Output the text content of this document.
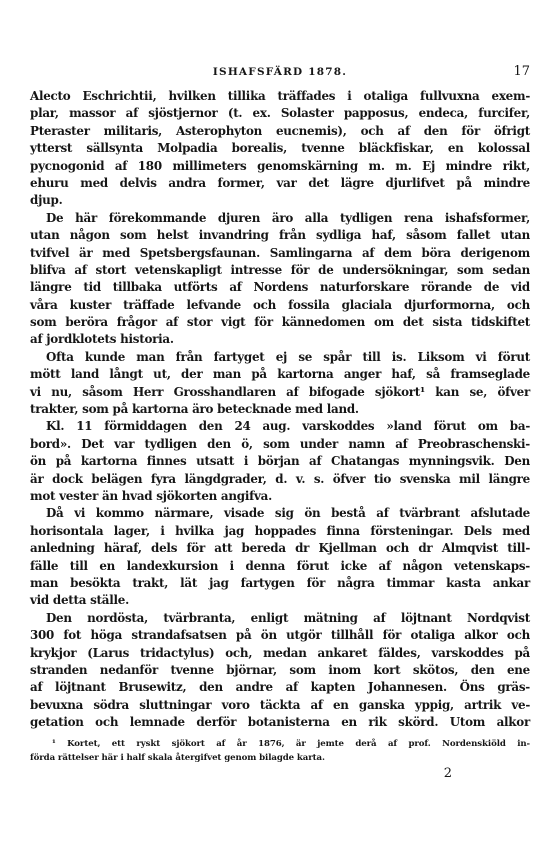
ISHAFSFÄRD 1878.	17
Alecto Eschrichtii, hvilken tillika träffades i otaliga fullvuxna exem-
plar, massor af sjöstjernor (t. ex. Solaster papposus, endeca, furcifer,
Pteraster militaris, Asterophyton eucnemis), och af den för öfrigt
ytterst sällsynta Molpadia borealis, tvenne bläckfiskar, en kolossal
pycnogonid af 180 millimeters genomskärning m. m. Ej mindre rikt,
ehuru med delvis andra former, var det lägre djurlifvet på mindre
djup.
De här förekommande djuren äro alla tydligen rena ishafsformer,
utan någon som helst invandring från sydliga haf, såsom fallet utan
tvifvel är med Spetsbergsfaunan. Samlingarna af dem böra derigenom
blifva af stort vetenskapligt intresse för de undersökningar, som sedan
längre tid tillbaka utförts af Nordens naturforskare rörande de vid
våra kuster träffade lefvande och fossila glaciala djurformorna, och
som beröra frågor af stor vigt för kännedomen om det sista tidskiftet
af jordklotets historia.
Ofta kunde man från fartyget ej se spår till is. Liksom vi förut
mött land långt ut, der man på kartorna anger haf, så framseglade
vi nu, såsom Herr Grosshandlaren af bifogade sjökort¹ kan se, öfver
trakter, som på kartorna äro betecknade med land.
Kl. 11 förmiddagen den 24 aug. varskoddes »land förut om ba-
bord». Det var tydligen den ö, som under namn af Preobraschenski-
ön på kartorna finnes utsatt i början af Chatangas mynningsvik. Den
är dock belägen fyra längdgrader, d. v. s. öfver tio svenska mil längre
mot vester än hvad sjökorten angifva.
Då vi kommo närmare, visade sig ön bestå af tvärbrant afslutade
horisontala lager, i hvilka jag hoppades finna försteningar. Dels med
anledning häraf, dels för att bereda dr Kjellman och dr Almqvist till-
fälle till en landexkursion i denna förut icke af någon vetenskaps-
man besökta trakt, lät jag fartygen för några timmar kasta ankar
vid detta ställe.
Den nordösta, tvärbranta, enligt mätning af löjtnant Nordqvist
300 fot höga strandafsatsen på ön utgör tillhåll för otaliga alkor och
krykjor (Larus tridactylus) och, medan ankaret fäldes, varskoddes på
stranden nedanför tvenne björnar, som inom kort skötos, den ene
af löjtnant Brusewitz, den andre af kapten Johannesen. Öns gräs-
bevuxna södra sluttningar voro täckta af en ganska yppig, artrik ve-
getation och lemnade derför botanisterna en rik skörd. Utom alkor
¹ Kortet, ett ryskt sjökort af år 1876, är jemte derå af prof. Nordenskiöld in-
förda rättelser här i half skala återgifvet genom bilagde karta.
2
